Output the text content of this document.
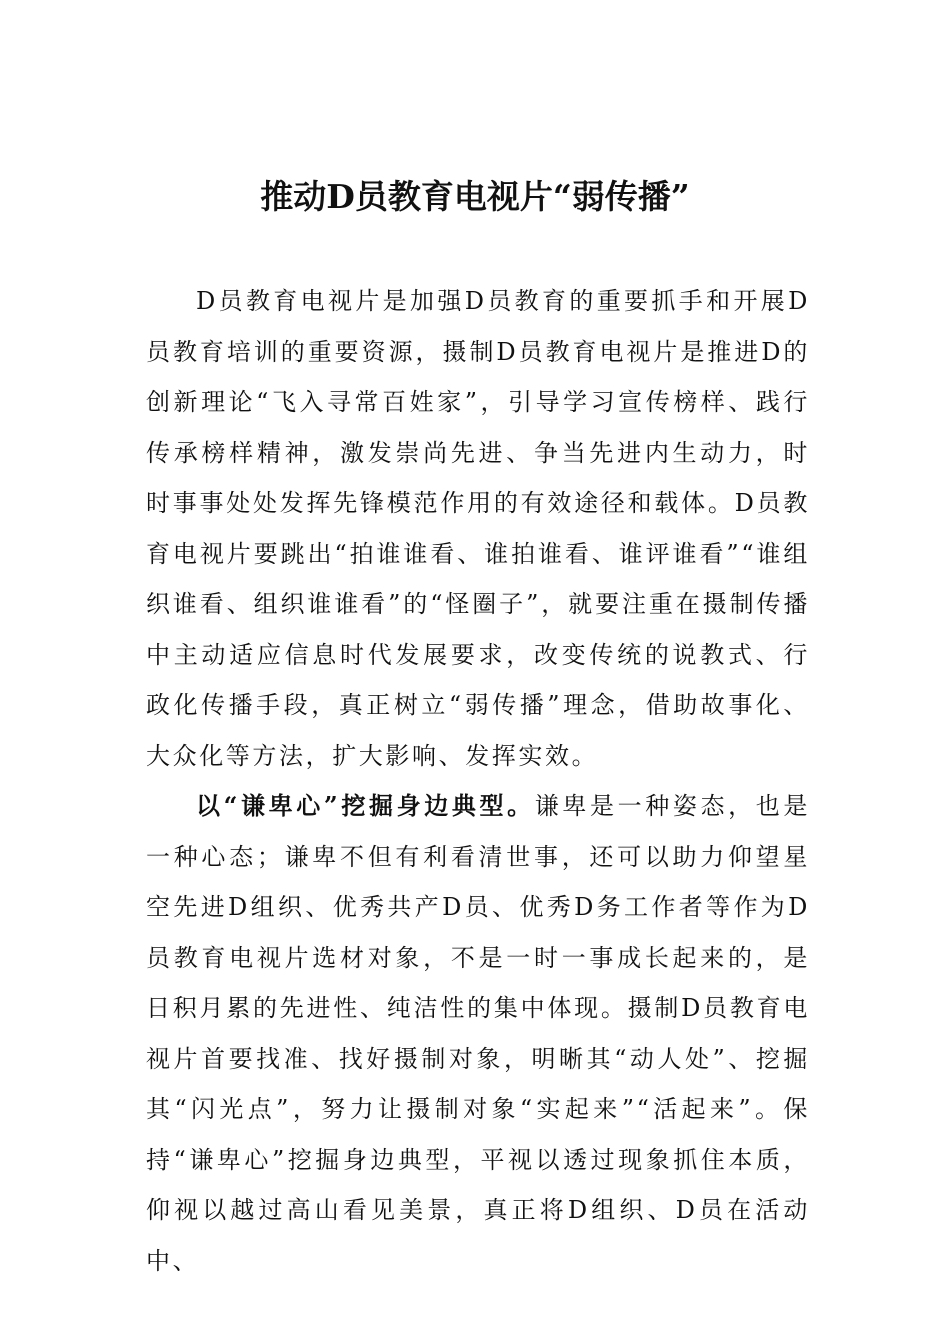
推动D员教育电视片“弱传播”

D员教育电视片是加强D员教育的重要抓手和开展D员教育培训的重要资源，摄制D员教育电视片是推进D的创新理论“飞入寻常百姓家”，引导学习宣传榜样、践行传承榜样精神，激发崇尚先进、争当先进内生动力，时时事事处处发挥先锋模范作用的有效途径和载体。D员教育电视片要跳出“拍谁谁看、谁拍谁看、谁评谁看”“谁组织谁看、组织谁谁看”的“怪圈子”，就要注重在摄制传播中主动适应信息时代发展要求，改变传统的说教式、行政化传播手段，真正树立“弱传播”理念，借助故事化、大众化等方法，扩大影响、发挥实效。

以“谦卑心”挖掘身边典型。谦卑是一种姿态，也是一种心态；谦卑不但有利看清世事，还可以助力仰望星空先进D组织、优秀共产D员、优秀D务工作者等作为D员教育电视片选材对象，不是一时一事成长起来的，是日积月累的先进性、纯洁性的集中体现。摄制D员教育电视片首要找准、找好摄制对象，明晰其“动人处”、挖掘其“闪光点”，努力让摄制对象“实起来”“活起来”。保持“谦卑心”挖掘身边典型，平视以透过现象抓住本质，仰视以越过高山看见美景，真正将D组织、D员在活动中、
